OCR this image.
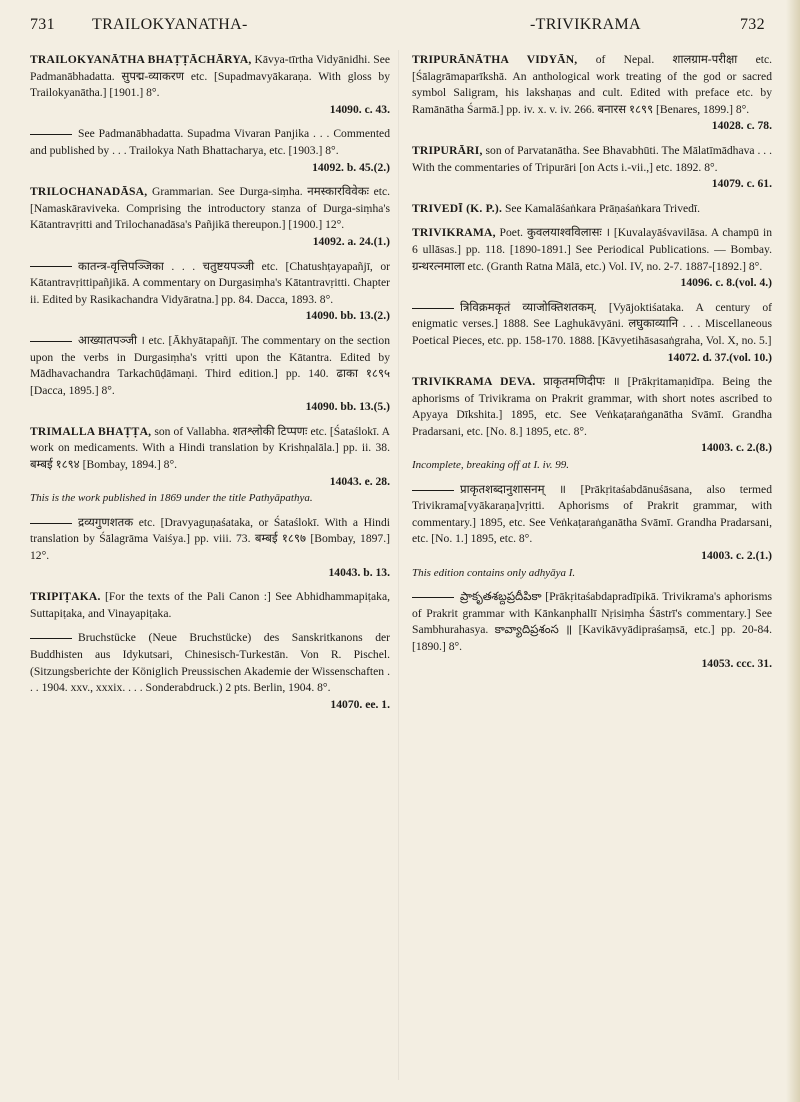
731 TRAILOKYANATHA-	-TRIVIKRAMA	732
TRAILOKYANĀTHA BHAṬṬĀCHĀRYA, Kāvya-tīrtha Vidyānidhi. See Padmanābhadatta. सुपद्म-व्याकरण etc. [Supadmavyākaraṇa. With gloss by Trailokyanātha.] [1901.] 8°.
14090. c. 43.
See Padmanābhadatta. Supadma Vivaran Panjika . . . Commented and published by . . . Trailokya Nath Bhattacharya, etc. [1903.] 8°.
14092. b. 45.(2.)
TRILOCHANADĀSA, Grammarian. See Durga-siṃha. नमस्कारविवेकः etc. [Namaskāraviveka. Comprising the introductory stanza of Durga-siṃha's Kātantravṛitti and Trilochanadāsa's Pañjikā thereupon.] [1900.] 12°.
14092. a. 24.(1.)
कातन्त्र-वृत्तिपञ्जिका . . . चतुष्टयपञ्जी etc. [Chatushṭayapañjī, or Kātantravṛittipañjikā. A commentary on Durgasiṃha's Kātantravṛitti. Chapter ii. Edited by Rasikachandra Vidyāratna.] pp. 84. Dacca, 1893. 8°.
14090. bb. 13.(2.)
आख्यातपञ्जी । etc. [Ākhyātapañjī. The commentary on the section upon the verbs in Durgasiṃha's vṛitti upon the Kātantra. Edited by Mādhavachandra Tarkachūḍāmaṇi. Third edition.] pp. 140. ढाका १८९५ [Dacca, 1895.] 8°.
14090. bb. 13.(5.)
TRIMALLA BHAṬṬA, son of Vallabha. शतश्लोकी टिप्पणः etc. [Śataślokī. A work on medicaments. With a Hindi translation by Krishṇalāla.] pp. ii. 38. बम्बई १८९४ [Bombay, 1894.] 8°.
14043. e. 28.
This is the work published in 1869 under the title Pathyāpathya.
द्रव्यगुणशतक etc. [Dravyaguṇaśataka, or Śataślokī. With a Hindi translation by Śālagrāma Vaiśya.] pp. viii. 73. बम्बई १८९७ [Bombay, 1897.] 12°.
14043. b. 13.
TRIPIṬAKA. [For the texts of the Pali Canon :] See Abhidhammapiṭaka, Suttapiṭaka, and Vinayapiṭaka.
Bruchstücke (Neue Bruchstücke) des Sanskritkanons der Buddhisten aus Idykutsari, Chinesisch-Turkestān. Von R. Pischel. (Sitzungsberichte der Königlich Preussischen Akademie der Wissenschaften . . . 1904. xxv., xxxix. . . . Sonderabdruck.) 2 pts. Berlin, 1904. 8°.
14070. ee. 1.
TRIPURĀNĀTHA VIDYĀN, of Nepal. शालग्राम-परीक्षा etc. [Śālagrāmaparīkshā. An anthological work treating of the god or sacred symbol Saligram, his lakshaṇas and cult. Edited with preface etc. by Ramānātha Śarmā.] pp. iv. x. v. iv. 266. बनारस १८९९ [Benares, 1899.] 8°.
14028. c. 78.
TRIPURĀRI, son of Parvatanātha. See Bhavabhūti. The Mālatīmādhava . . . With the commentaries of Tripurāri [on Acts i.-vii.,] etc. 1892. 8°.
14079. c. 61.
TRIVEDĪ (K. P.). See Kamalāśaṅkara Prāṇaśaṅkara Trivedī.
TRIVIKRAMA, Poet. कुवलयाश्वविलासः । [Kuvalayāśvavilāsa. A champū in 6 ullāsas.] pp. 118. [1890-1891.] See Periodical Publications. — Bombay. ग्रन्थरत्नमाला etc. (Granth Ratna Mālā, etc.) Vol. IV, no. 2-7. 1887-[1892.] 8°.
14096. c. 8.(vol. 4.)
त्रिविक्रमकृतं व्याजोक्तिशतकम्. [Vyājoktiśataka. A century of enigmatic verses.] 1888. See Laghukāvyāni. लघुकाव्यानि . . . Miscellaneous Poetical Pieces, etc. pp. 158-170. 1888. [Kāvyetihāsasaṅgraha, Vol. X, no. 5.]
14072. d. 37.(vol. 10.)
TRIVIKRAMA DEVA. प्राकृतमणिदीपः ॥ [Prākṛitamaṇidīpa. Being the aphorisms of Trivikrama on Prakrit grammar, with short notes ascribed to Apyaya Dīkshita.] 1895, etc. See Veṅkaṭaraṅganātha Svāmī. Grandha Pradarsani, etc. [No. 8.] 1895, etc. 8°.
14003. c. 2.(8.)
Incomplete, breaking off at I. iv. 99.
प्राकृतशब्दानुशासनम् ॥ [Prākṛitaśabdānuśāsana, also termed Trivikrama[vyākaraṇa]vṛitti. Aphorisms of Prakrit grammar, with commentary.] 1895, etc. See Veṅkaṭaraṅganātha Svāmī. Grandha Pradarsani, etc. [No. 1.] 1895, etc. 8°.
14003. c. 2.(1.)
This edition contains only adhyāya I.
ప్రాకృతశబ్దప్రదీపికా [Prākṛitaśabdapradīpikā. Trivikrama's aphorisms of Prakrit grammar with Kānkanphallī Nṛisiṃha Śāstrī's commentary.] See Sambhurahasya. కావ్యాదిప్రశంస ॥ [Kavikāvyādipraśaṃsā, etc.] pp. 20-84. [1890.] 8°.
14053. ccc. 31.
